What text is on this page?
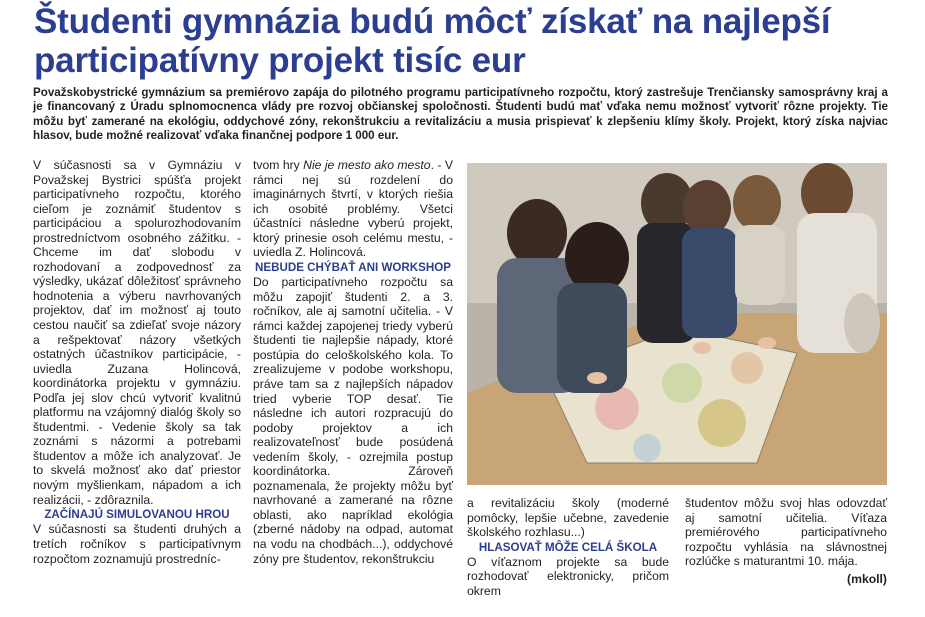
Študenti gymnázia budú môcť získať na najlepší participatívny projekt tisíc eur
Považskobystrické gymnázium sa premiérovo zapája do pilotného programu participatívneho rozpočtu, ktorý zastrešuje Trenčiansky samosprávny kraj a je financovaný z Úradu splnomocnenca vlády pre rozvoj občianskej spoločnosti. Študenti budú mať vďaka nemu možnosť vytvoriť rôzne projekty. Tie môžu byť zamerané na ekológiu, oddychové zóny, rekonštrukciu a revitalizáciu a musia prispievať k zlepšeniu klímy školy. Projekt, ktorý získa najviac hlasov, bude možné realizovať vďaka finančnej podpore 1 000 eur.

V súčasnosti sa v Gymnáziu v Považskej Bystrici spúšťa projekt participatívneho rozpočtu, ktorého cieľom je zoznámiť študentov s participáciou a spolurozhodovaním prostredníctvom osobného zážitku. - Chceme im dať slobodu v rozhodovaní a zodpovednosť za výsledky, ukázať dôležitosť správneho hodnotenia a výberu navrhovaných projektov, dať im možnosť aj touto cestou naučiť sa zdieľať svoje názory a rešpektovať názory všetkých ostatných účastníkov participácie, - uviedla Zuzana Holincová, koordinátorka projektu v gymnáziu. Podľa jej slov chcú vytvoriť kvalitnú platformu na vzájomný dialóg školy so študentmi. - Vedenie školy sa tak zoznámi s názormi a potrebami študentov a môže ich analyzovať. Je to skvelá možnosť ako dať priestor novým myšlienkam, nápadom a ich realizácii, - zdôraznila.

ZAČÍNAJÚ SIMULOVANOU HROU

V súčasnosti sa študenti druhých a tretích ročníkov s participatívnym rozpočtom zoznamujú prostredníc-

tvom hry Nie je mesto ako mesto. - V rámci nej sú rozdelení do imaginárnych štvrtí, v ktorých riešia ich osobité problémy. Všetci účastníci následne vyberú projekt, ktorý prinesie osoh celému mestu, - uviedla Z. Holincová.

NEBUDE CHÝBAŤ ANI WORKSHOP

Do participatívneho rozpočtu sa môžu zapojiť študenti 2. a 3. ročníkov, ale aj samotní učitelia. - V rámci každej zapojenej triedy vyberú študenti tie najlepšie nápady, ktoré postúpia do celoškolského kola. To zrealizujeme v podobe workshopu, práve tam sa z najlepších nápadov tried vyberie TOP desať. Tie následne ich autori rozpracujú do podoby projektov a ich realizovateľnosť bude posúdená vedením školy, - ozrejmila postup koordinátorka. Zároveň poznamenala, že projekty môžu byť navrhované a zamerané na rôzne oblasti, ako napríklad ekológia (zberné nádoby na odpad, automat na vodu na chodbách...), oddychové zóny pre študentov, rekonštrukciu

a revitalizáciu školy (moderné pomôcky, lepšie učebne, zavedenie školského rozhlasu...)

HLASOVAŤ MÔŽE CELÁ ŠKOLA

O víťaznom projekte sa bude rozhodovať elektronicky, pričom okrem

študentov môžu svoj hlas odovzdať aj samotní učitelia. Víťaza premiérového participatívneho rozpočtu vyhlásia na slávnostnej rozlúčke s maturantmi 10. mája.

(mkoll)
